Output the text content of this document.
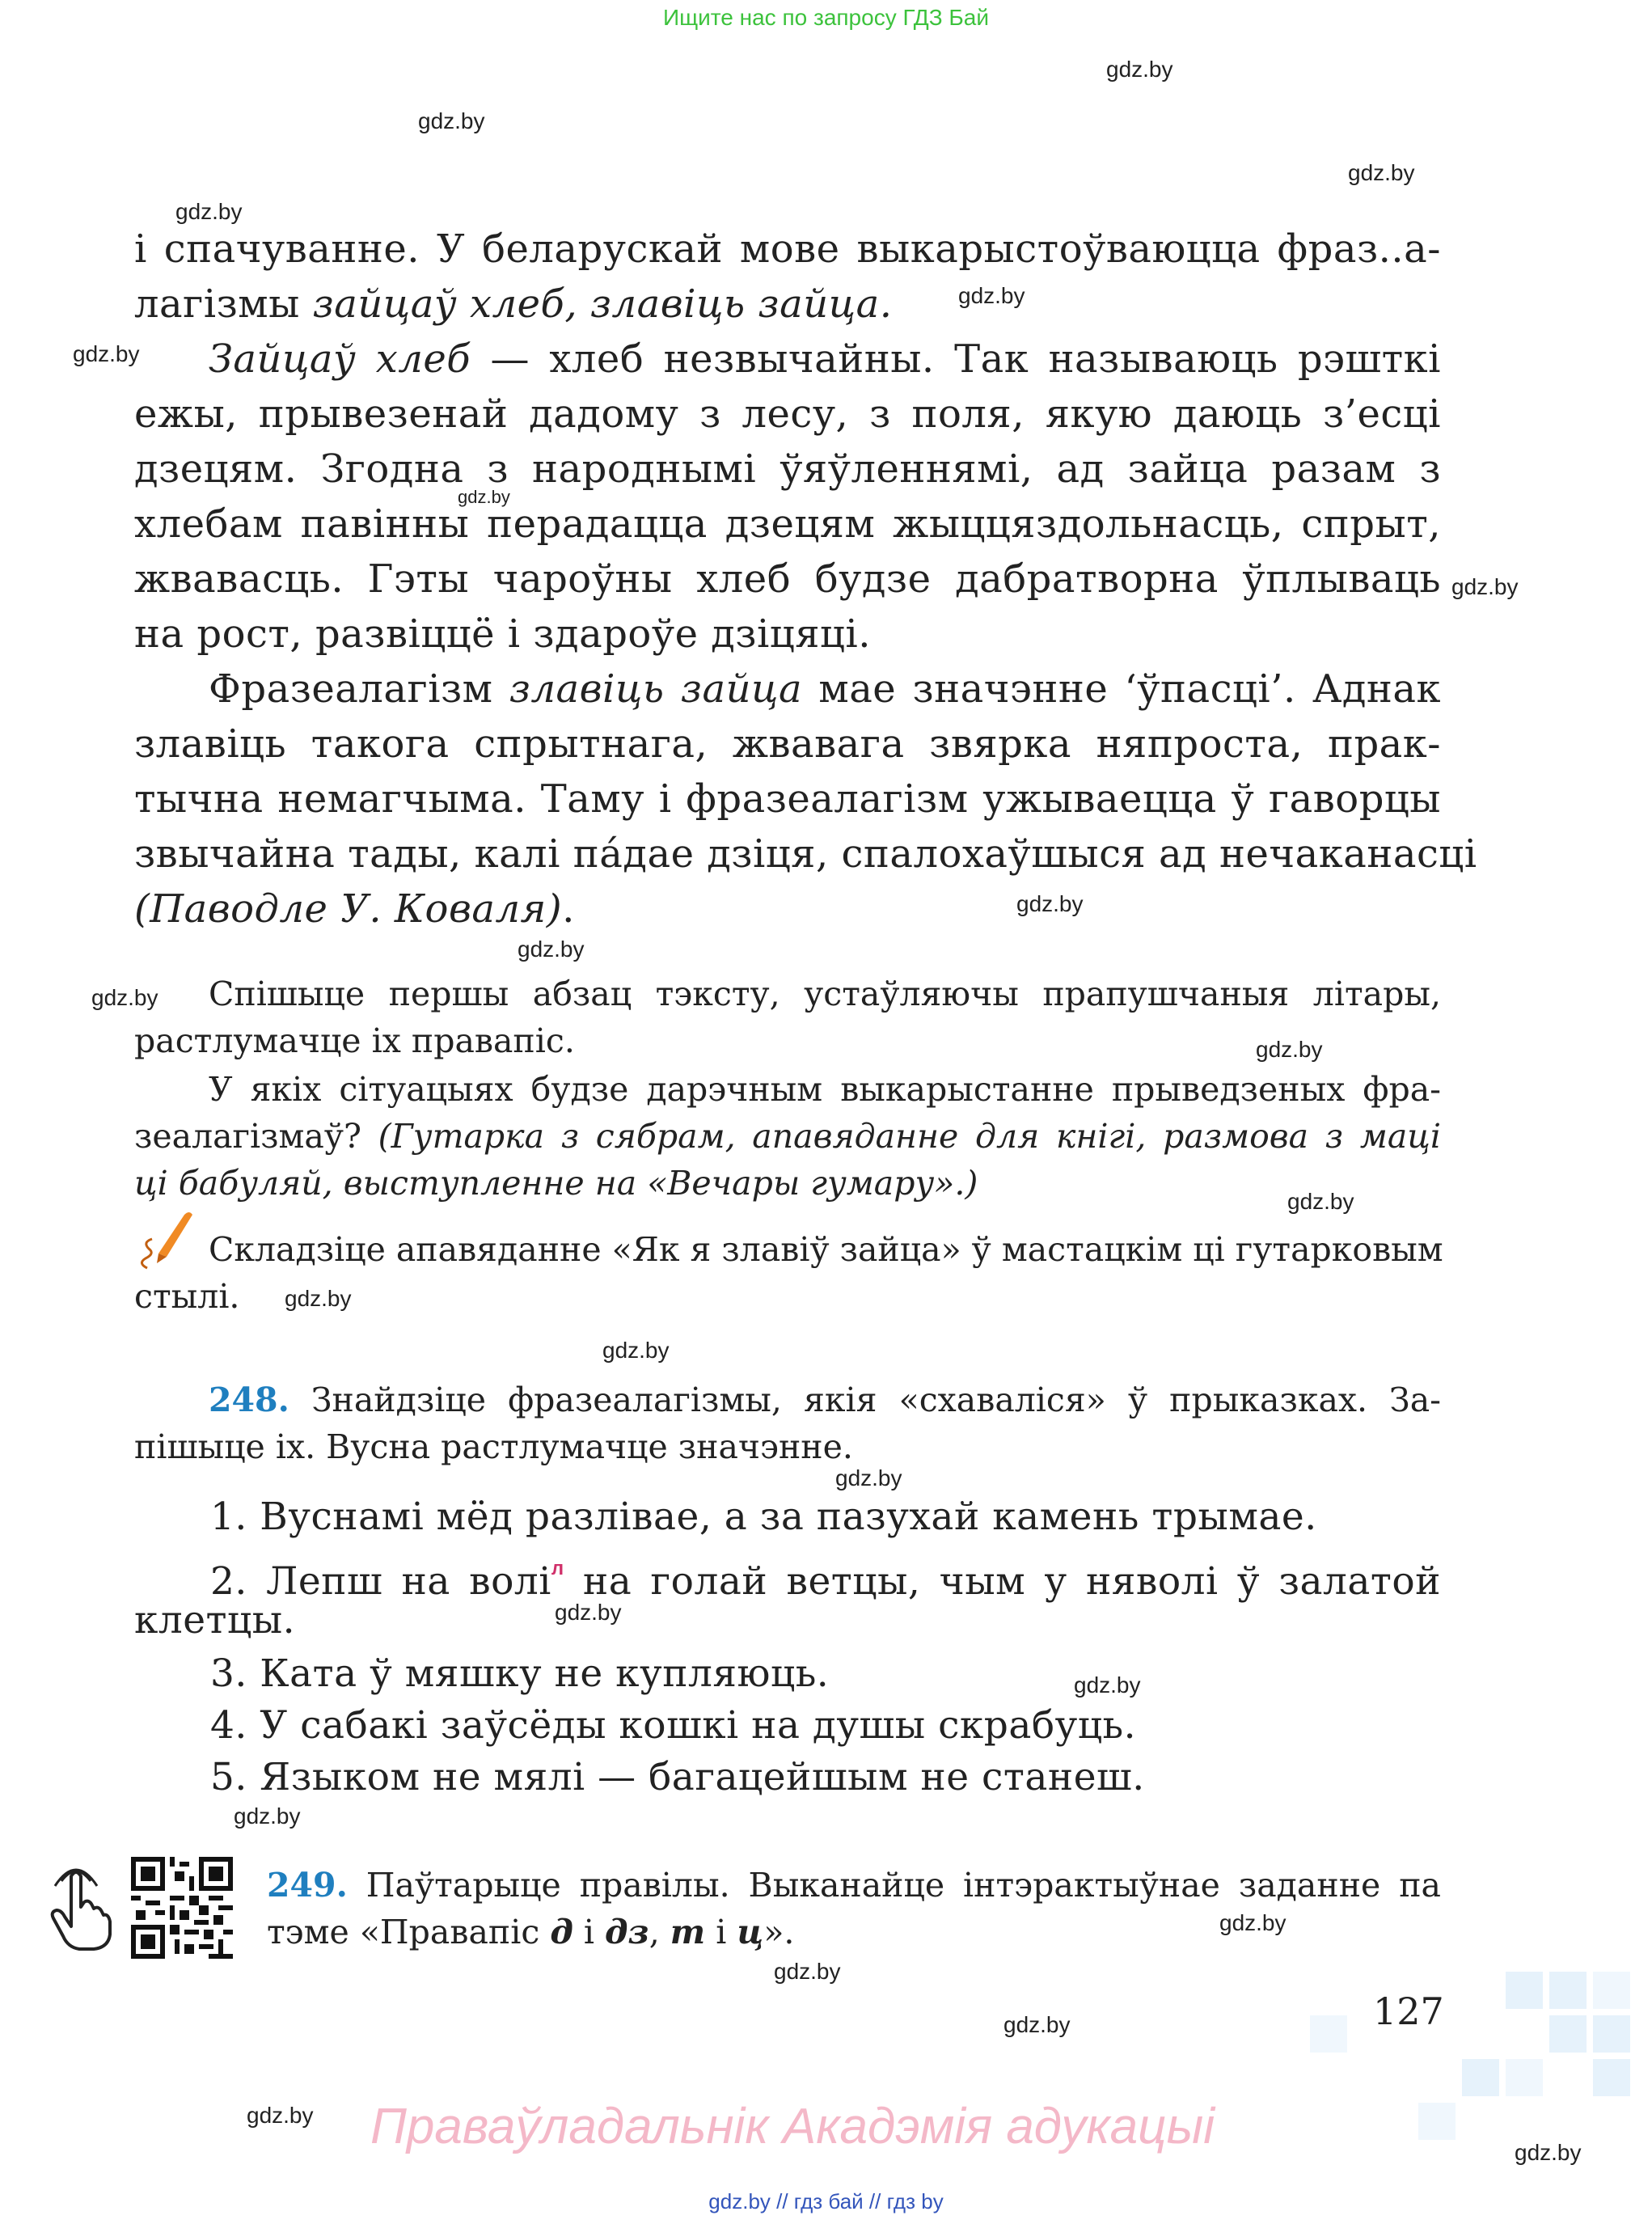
Ищите нас по запросу ГДЗ Бай
gdz.by
gdz.by
gdz.by
gdz.by
gdz.by
gdz.by
gdz.by
gdz.by
gdz.by
gdz.by
gdz.by
gdz.by
gdz.by
gdz.by
gdz.by
gdz.by
gdz.by
gdz.by
gdz.by
gdz.by
gdz.by
gdz.by
gdz.by
gdz.by
і спачуванне. У беларускай мове выкарыстоўваюцца фраз..а-
лагізмы зайцаў хлеб, злавіць зайца.
Зайцаў хлеб — хлеб незвычайны. Так называюць рэшткі
ежы, прывезенай дадому з лесу, з поля, якую даюць з’есці
дзецям. Згодна з народнымі ўяўленнямі, ад зайца разам з
хлебам павінны перадацца дзецям жыццяздольнасць, спрыт,
жвавасць. Гэты чароўны хлеб будзе дабратворна ўплываць
на рост, развіццё і здароўе дзіцяці.
Фразеалагізм злавіць зайца мае значэнне ‘ўпасці’. Аднак
злавіць такога спрытнага, жвавага звярка няпроста, прак-
тычна немагчыма. Таму і фразеалагізм ужываецца ў гаворцы
звычайна тады, калі па́дае дзіця, спалохаўшыся ад нечаканасці
(Паводле У. Коваля).
Спішыце першы абзац тэксту, устаўляючы прапушчаныя літары,
растлумачце іх правапіс.
У якіх сітуацыях будзе дарэчным выкарыстанне прыведзеных фра-
зеалагізмаў? (Гутарка з сябрам, апавяданне для кнігі, размова з маці
ці бабуляй, выступленне на «Вечары гумару».)
Складзіце апавяданне «Як я злавіў зайца» ў мастацкім ці гутарковым
стылі.
248. Знайдзіце фразеалагізмы, якія «схаваліся» ў прыказках. За-
пішыце іх. Вусна растлумачце значэнне.
1. Вуснамі мёд разлівае, а за пазухай камень трымае.
2. Лепш на волі$^л$ на голай ветцы, чым у няволі ў залатой
клетцы.
3. Ката ў мяшку не купляюць.
4. У сабакі заўсёды кошкі на душы скрабуць.
5. Языком не мялі — багацейшым не станеш.
249. Паўтарыце правілы. Выканайце інтэрактыўнае заданне па
тэме «Правапіс д і дз, т і ц».
127
Праваўладальнік Акадэмія адукацыі
gdz.by // гдз бай // гдз by
